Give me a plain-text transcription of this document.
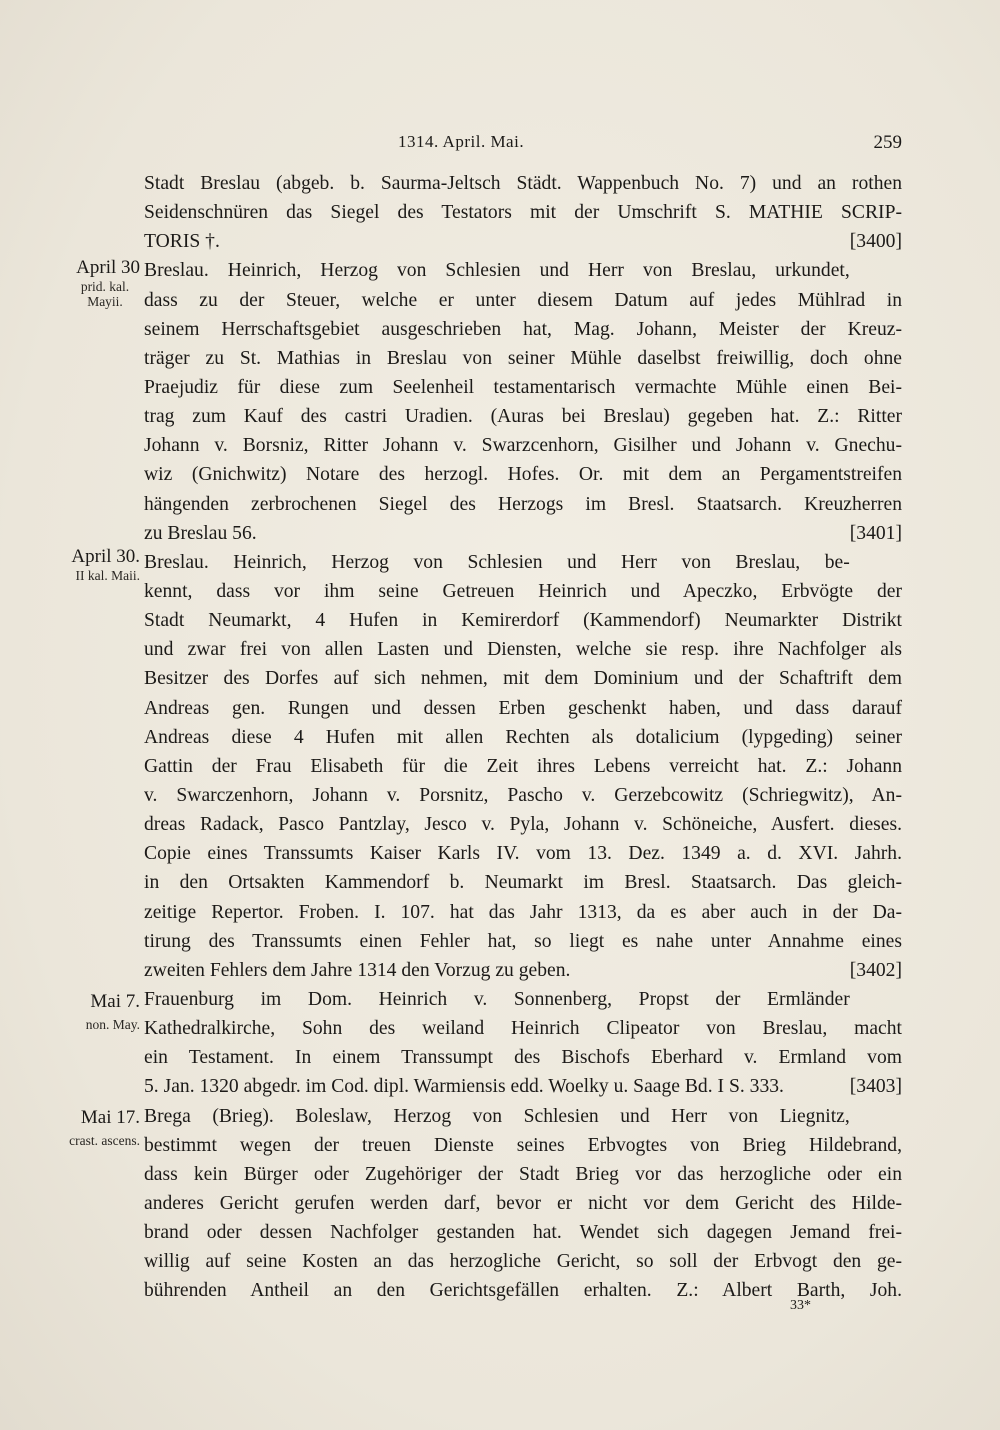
1314. April. Mai.	259
April 30
prid. kal. Mayii.
April 30.
II kal. Maii.
Mai 7.
non. May.
Mai 17.
crast. ascens.
Stadt Breslau (abgeb. b. Saurma-Jeltsch Städt. Wappenbuch No. 7) und an rothen
Seidenschnüren das Siegel des Testators mit der Umschrift S. MATHIE SCRIP-
TORIS †.	[3400]
Breslau. Heinrich, Herzog von Schlesien und Herr von Breslau, urkundet,
dass zu der Steuer, welche er unter diesem Datum auf jedes Mühlrad in
seinem Herrschaftsgebiet ausgeschrieben hat, Mag. Johann, Meister der Kreuz-
träger zu St. Mathias in Breslau von seiner Mühle daselbst freiwillig, doch ohne
Praejudiz für diese zum Seelenheil testamentarisch vermachte Mühle einen Bei-
trag zum Kauf des castri Uradien. (Auras bei Breslau) gegeben hat. Z.: Ritter
Johann v. Borsniz, Ritter Johann v. Swarzcenhorn, Gisilher und Johann v. Gnechu-
wiz (Gnichwitz) Notare des herzogl. Hofes. Or. mit dem an Pergamentstreifen
hängenden zerbrochenen Siegel des Herzogs im Bresl. Staatsarch. Kreuzherren
zu Breslau 56.	[3401]
Breslau. Heinrich, Herzog von Schlesien und Herr von Breslau, be-
kennt, dass vor ihm seine Getreuen Heinrich und Apeczko, Erbvögte der
Stadt Neumarkt, 4 Hufen in Kemirerdorf (Kammendorf) Neumarkter Distrikt
und zwar frei von allen Lasten und Diensten, welche sie resp. ihre Nachfolger als
Besitzer des Dorfes auf sich nehmen, mit dem Dominium und der Schaftrift dem
Andreas gen. Rungen und dessen Erben geschenkt haben, und dass darauf
Andreas diese 4 Hufen mit allen Rechten als dotalicium (lypgeding) seiner
Gattin der Frau Elisabeth für die Zeit ihres Lebens verreicht hat. Z.: Johann
v. Swarczenhorn, Johann v. Porsnitz, Pascho v. Gerzebcowitz (Schriegwitz), An-
dreas Radack, Pasco Pantzlay, Jesco v. Pyla, Johann v. Schöneiche, Ausfert. dieses.
Copie eines Transsumts Kaiser Karls IV. vom 13. Dez. 1349 a. d. XVI. Jahrh.
in den Ortsakten Kammendorf b. Neumarkt im Bresl. Staatsarch. Das gleich-
zeitige Repertor. Froben. I. 107. hat das Jahr 1313, da es aber auch in der Da-
tirung des Transsumts einen Fehler hat, so liegt es nahe unter Annahme eines
zweiten Fehlers dem Jahre 1314 den Vorzug zu geben.	[3402]
Frauenburg im Dom. Heinrich v. Sonnenberg, Propst der Ermländer
Kathedralkirche, Sohn des weiland Heinrich Clipeator von Breslau, macht
ein Testament. In einem Transsumpt des Bischofs Eberhard v. Ermland vom
5. Jan. 1320 abgedr. im Cod. dipl. Warmiensis edd. Woelky u. Saage Bd. I S. 333.	[3403]
Brega (Brieg). Boleslaw, Herzog von Schlesien und Herr von Liegnitz,
bestimmt wegen der treuen Dienste seines Erbvogtes von Brieg Hildebrand,
dass kein Bürger oder Zugehöriger der Stadt Brieg vor das herzogliche oder ein
anderes Gericht gerufen werden darf, bevor er nicht vor dem Gericht des Hilde-
brand oder dessen Nachfolger gestanden hat. Wendet sich dagegen Jemand frei-
willig auf seine Kosten an das herzogliche Gericht, so soll der Erbvogt den ge-
bührenden Antheil an den Gerichtsgefällen erhalten. Z.: Albert Barth, Joh.
33*
